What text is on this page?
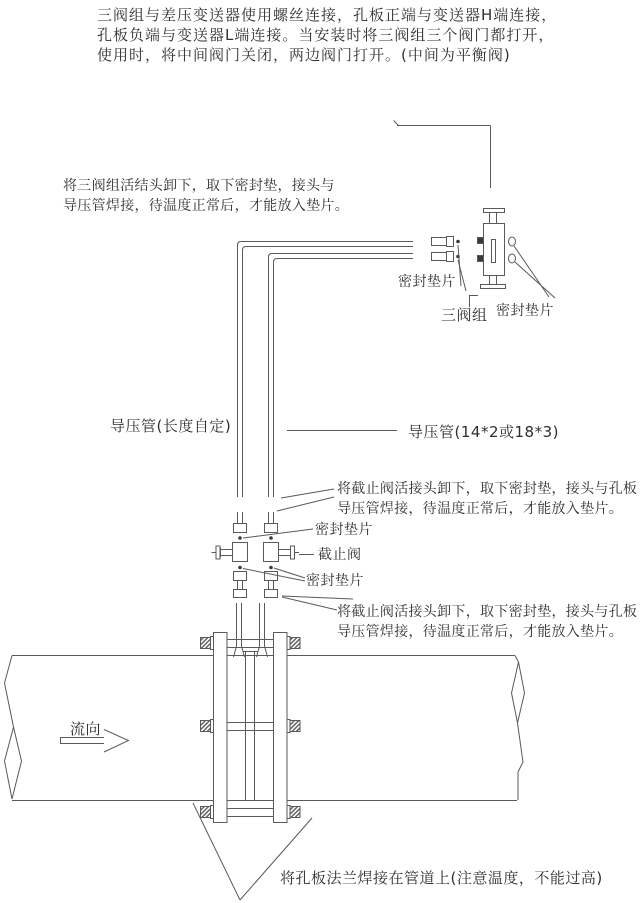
三阀组与差压变送器使用螺丝连接，孔板正端与变送器H端连接，
孔板负端与变送器L端连接。当安装时将三阀组三个阀门都打开，
使用时，将中间阀门关闭，两边阀门打开。(中间为平衡阀)
将三阀组活结头卸下，取下密封垫，接头与
导压管焊接，待温度正常后，才能放入垫片。
密封垫片
三阀组 密封垫片
导压管(长度自定)	导压管(14*2或18*3)
将截止阀活接头卸下，取下密封垫，接头与孔板
导压管焊接，待温度正常后，才能放入垫片。
密封垫片
截止阀
密封垫片
将截止阀活接头卸下，取下密封垫，接头与孔板
导压管焊接，待温度正常后，才能放入垫片。
流向
将孔板法兰焊接在管道上(注意温度，不能过高)
